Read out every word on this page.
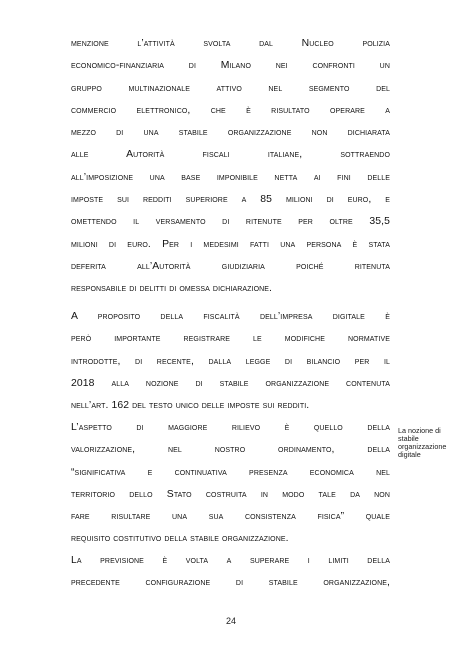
menzione l’attività svolta dal Nucleo polizia
economico-finanziaria di Milano nei confronti un
gruppo multinazionale attivo nel segmento del
commercio elettronico, che è risultato operare a
mezzo di una stabile organizzazione non dichiarata
alle Autorità fiscali italiane, sottraendo
all’imposizione una base imponibile netta ai fini delle
imposte sui redditi superiore a 85 milioni di euro, e
omettendo il versamento di ritenute per oltre 35,5
milioni di euro. Per i medesimi fatti una persona è stata
deferita all’Autorità giudiziaria poiché ritenuta
responsabile di delitti di omessa dichiarazione.
A proposito della fiscalità dell’impresa digitale è
però importante registrare le modifiche normative
introdotte, di recente, dalla legge di bilancio per il
2018 alla nozione di stabile organizzazione contenuta
nell’art. 162 del testo unico delle imposte sui redditi.
L’aspetto di maggiore rilievo è quello della
valorizzazione, nel nostro ordinamento, della
“significativa e continuativa presenza economica nel
territorio dello Stato costruita in modo tale da non
fare risultare una sua consistenza fisica” quale
requisito costitutivo della stabile organizzazione.
La previsione è volta a superare i limiti della
precedente configurazione di stabile organizzazione,
La nozione di
stabile
organizzazione
digitale
24
